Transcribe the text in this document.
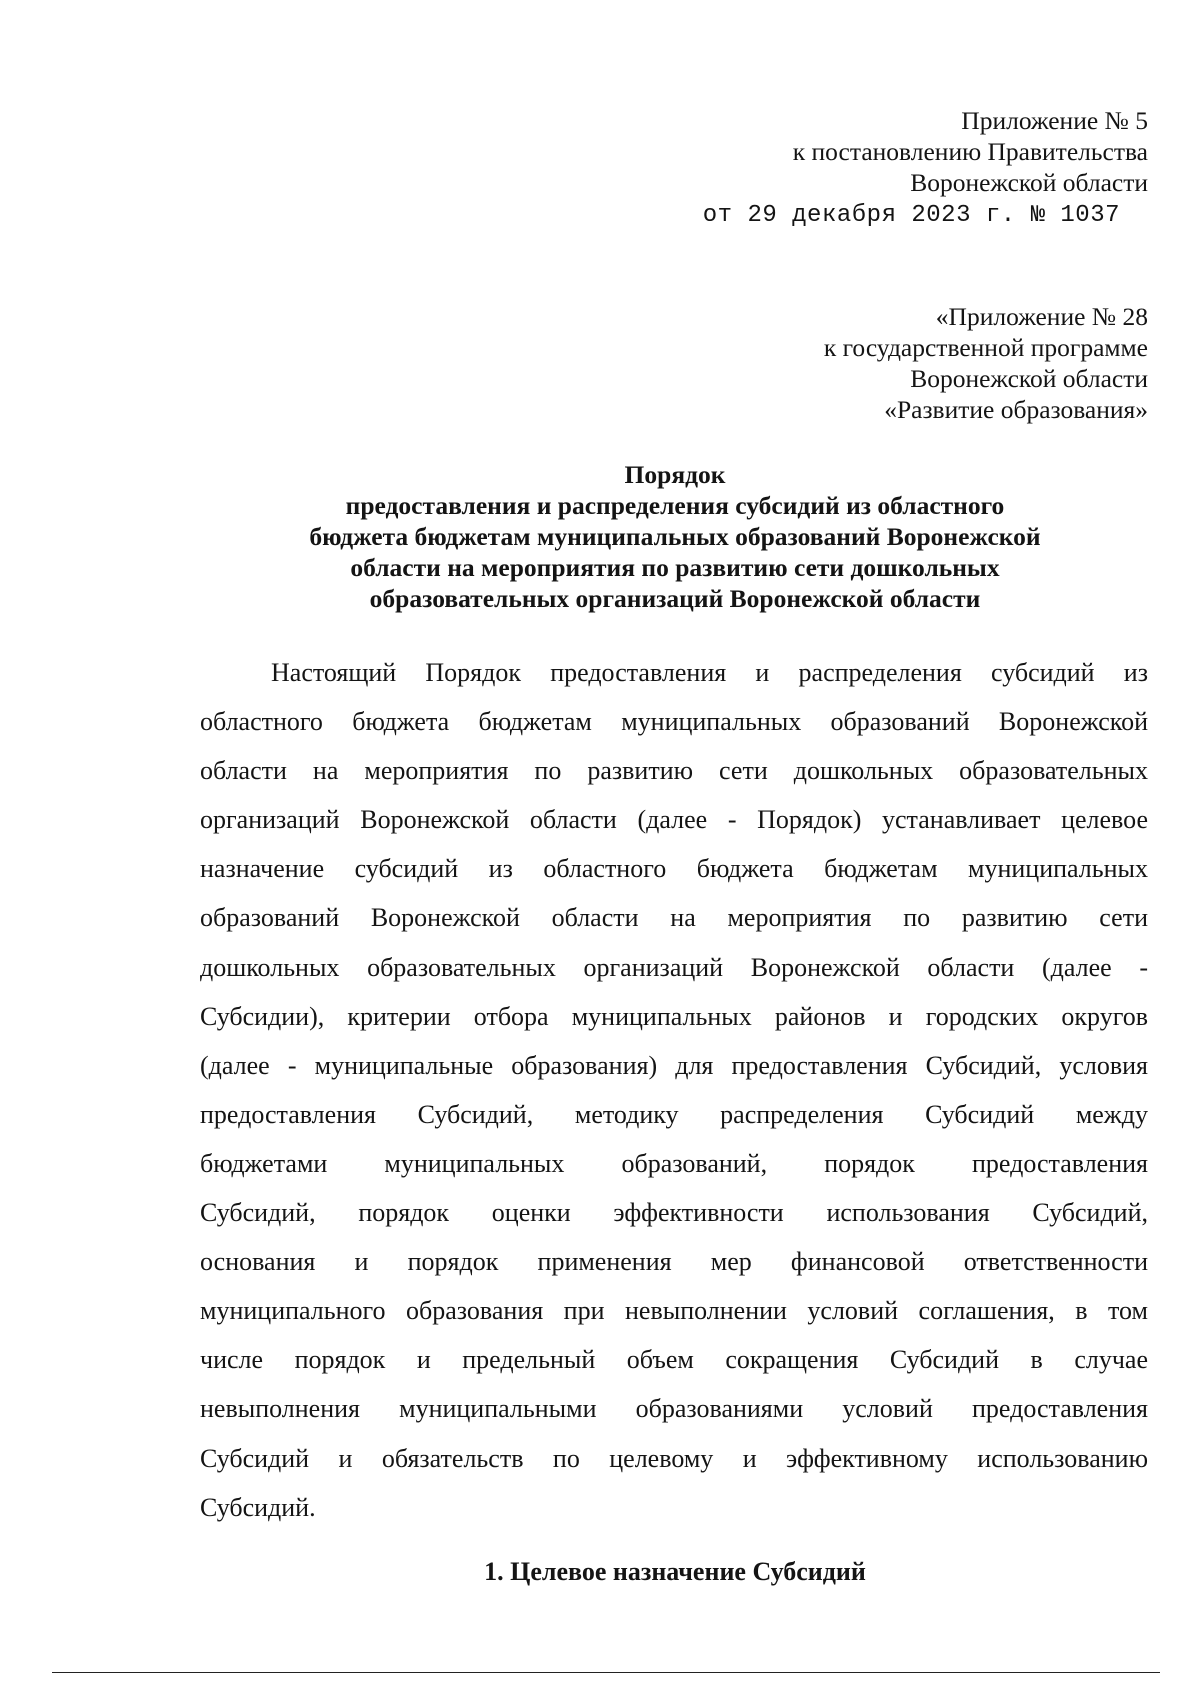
Приложение № 5
к постановлению Правительства
Воронежской области
от 29 декабря 2023 г. № 1037
«Приложение № 28
к государственной программе
Воронежской области
«Развитие образования»
Порядок
предоставления и распределения субсидий из областного
бюджета бюджетам муниципальных образований Воронежской
области на мероприятия по развитию сети дошкольных
образовательных организаций Воронежской области
Настоящий Порядок предоставления и распределения субсидий из
областного бюджета бюджетам муниципальных образований Воронежской
области на мероприятия по развитию сети дошкольных образовательных
организаций Воронежской области (далее - Порядок) устанавливает целевое
назначение субсидий из областного бюджета бюджетам муниципальных
образований Воронежской области на мероприятия по развитию сети
дошкольных образовательных организаций Воронежской области (далее -
Субсидии), критерии отбора муниципальных районов и городских округов
(далее - муниципальные образования) для предоставления Субсидий, условия
предоставления Субсидий, методику распределения Субсидий между
бюджетами муниципальных образований, порядок предоставления
Субсидий, порядок оценки эффективности использования Субсидий,
основания и порядок применения мер финансовой ответственности
муниципального образования при невыполнении условий соглашения, в том
числе порядок и предельный объем сокращения Субсидий в случае
невыполнения муниципальными образованиями условий предоставления
Субсидий и обязательств по целевому и эффективному использованию
Субсидий.
1. Целевое назначение Субсидий
